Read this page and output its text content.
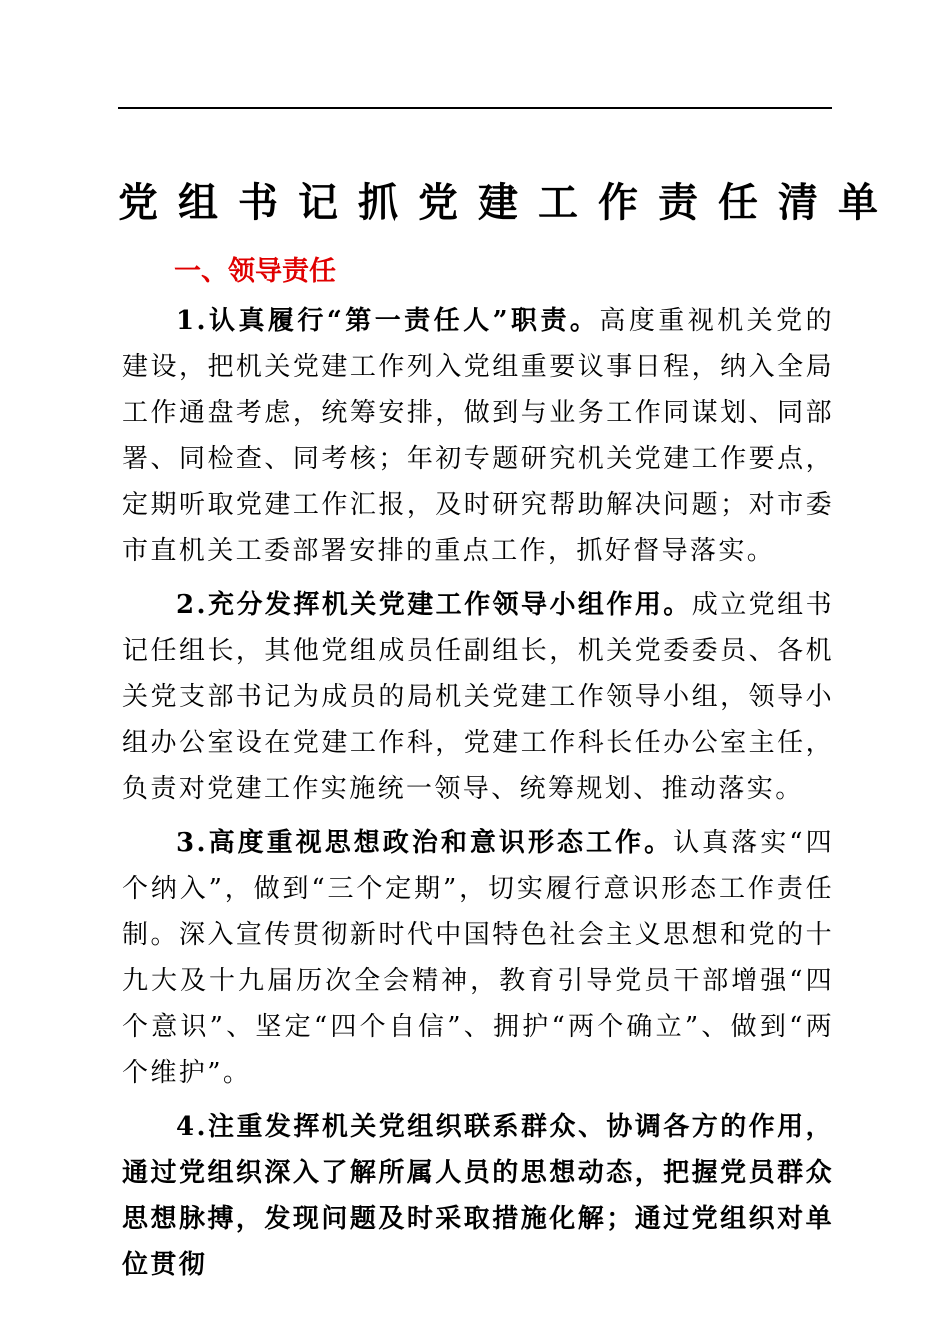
党组书记抓党建工作责任清单
一、领导责任

1.认真履行“第一责任人”职责。高度重视机关党的建设，把机关党建工作列入党组重要议事日程，纳入全局工作通盘考虑，统筹安排，做到与业务工作同谋划、同部署、同检查、同考核；年初专题研究机关党建工作要点，定期听取党建工作汇报，及时研究帮助解决问题；对市委市直机关工委部署安排的重点工作，抓好督导落实。

2.充分发挥机关党建工作领导小组作用。成立党组书记任组长，其他党组成员任副组长，机关党委委员、各机关党支部书记为成员的局机关党建工作领导小组，领导小组办公室设在党建工作科，党建工作科长任办公室主任，负责对党建工作实施统一领导、统筹规划、推动落实。

3.高度重视思想政治和意识形态工作。认真落实“四个纳入”，做到“三个定期”，切实履行意识形态工作责任制。深入宣传贯彻新时代中国特色社会主义思想和党的十九大及十九届历次全会精神，教育引导党员干部增强“四个意识”、坚定“四个自信”、拥护“两个确立”、做到“两个维护”。

4.注重发挥机关党组织联系群众、协调各方的作用，通过党组织深入了解所属人员的思想动态，把握党员群众思想脉搏，发现问题及时采取措施化解；通过党组织对单位贯彻
